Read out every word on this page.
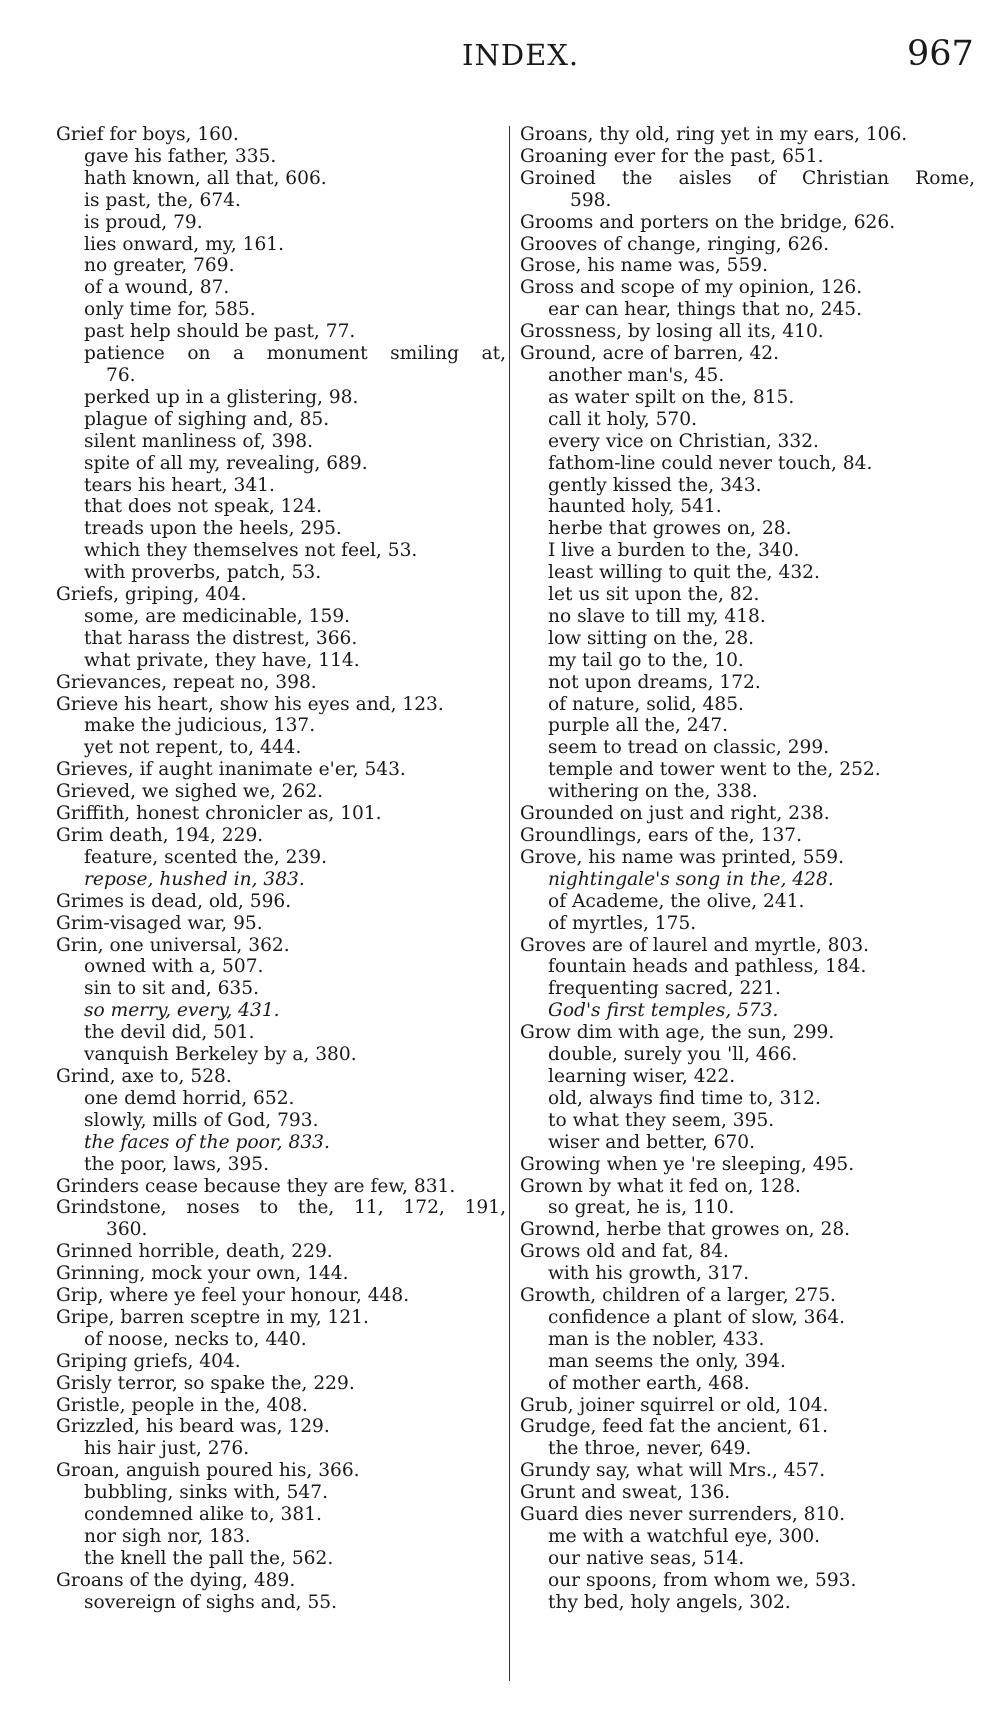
INDEX.	967
Grief for boys, 160.
gave his father, 335.
hath known, all that, 606.
is past, the, 674.
is proud, 79.
lies onward, my, 161.
no greater, 769.
of a wound, 87.
only time for, 585.
past help should be past, 77.
patience on a monument smiling at,
76.
perked up in a glistering, 98.
plague of sighing and, 85.
silent manliness of, 398.
spite of all my, revealing, 689.
tears his heart, 341.
that does not speak, 124.
treads upon the heels, 295.
which they themselves not feel, 53.
with proverbs, patch, 53.
Griefs, griping, 404.
some, are medicinable, 159.
that harass the distrest, 366.
what private, they have, 114.
Grievances, repeat no, 398.
Grieve his heart, show his eyes and, 123.
make the judicious, 137.
yet not repent, to, 444.
Grieves, if aught inanimate e'er, 543.
Grieved, we sighed we, 262.
Griffith, honest chronicler as, 101.
Grim death, 194, 229.
feature, scented the, 239.
repose, hushed in, 383.
Grimes is dead, old, 596.
Grim-visaged war, 95.
Grin, one universal, 362.
owned with a, 507.
sin to sit and, 635.
so merry, every, 431.
the devil did, 501.
vanquish Berkeley by a, 380.
Grind, axe to, 528.
one demd horrid, 652.
slowly, mills of God, 793.
the faces of the poor, 833.
the poor, laws, 395.
Grinders cease because they are few, 831.
Grindstone, noses to the, 11, 172, 191,
360.
Grinned horrible, death, 229.
Grinning, mock your own, 144.
Grip, where ye feel your honour, 448.
Gripe, barren sceptre in my, 121.
of noose, necks to, 440.
Griping griefs, 404.
Grisly terror, so spake the, 229.
Gristle, people in the, 408.
Grizzled, his beard was, 129.
his hair just, 276.
Groan, anguish poured his, 366.
bubbling, sinks with, 547.
condemned alike to, 381.
nor sigh nor, 183.
the knell the pall the, 562.
Groans of the dying, 489.
sovereign of sighs and, 55.
Groans, thy old, ring yet in my ears, 106.
Groaning ever for the past, 651.
Groined the aisles of Christian Rome,
598.
Grooms and porters on the bridge, 626.
Grooves of change, ringing, 626.
Grose, his name was, 559.
Gross and scope of my opinion, 126.
ear can hear, things that no, 245.
Grossness, by losing all its, 410.
Ground, acre of barren, 42.
another man's, 45.
as water spilt on the, 815.
call it holy, 570.
every vice on Christian, 332.
fathom-line could never touch, 84.
gently kissed the, 343.
haunted holy, 541.
herbe that growes on, 28.
I live a burden to the, 340.
least willing to quit the, 432.
let us sit upon the, 82.
no slave to till my, 418.
low sitting on the, 28.
my tail go to the, 10.
not upon dreams, 172.
of nature, solid, 485.
purple all the, 247.
seem to tread on classic, 299.
temple and tower went to the, 252.
withering on the, 338.
Grounded on just and right, 238.
Groundlings, ears of the, 137.
Grove, his name was printed, 559.
nightingale's song in the, 428.
of Academe, the olive, 241.
of myrtles, 175.
Groves are of laurel and myrtle, 803.
fountain heads and pathless, 184.
frequenting sacred, 221.
God's first temples, 573.
Grow dim with age, the sun, 299.
double, surely you 'll, 466.
learning wiser, 422.
old, always find time to, 312.
to what they seem, 395.
wiser and better, 670.
Growing when ye 're sleeping, 495.
Grown by what it fed on, 128.
so great, he is, 110.
Grownd, herbe that growes on, 28.
Grows old and fat, 84.
with his growth, 317.
Growth, children of a larger, 275.
confidence a plant of slow, 364.
man is the nobler, 433.
man seems the only, 394.
of mother earth, 468.
Grub, joiner squirrel or old, 104.
Grudge, feed fat the ancient, 61.
the throe, never, 649.
Grundy say, what will Mrs., 457.
Grunt and sweat, 136.
Guard dies never surrenders, 810.
me with a watchful eye, 300.
our native seas, 514.
our spoons, from whom we, 593.
thy bed, holy angels, 302.
